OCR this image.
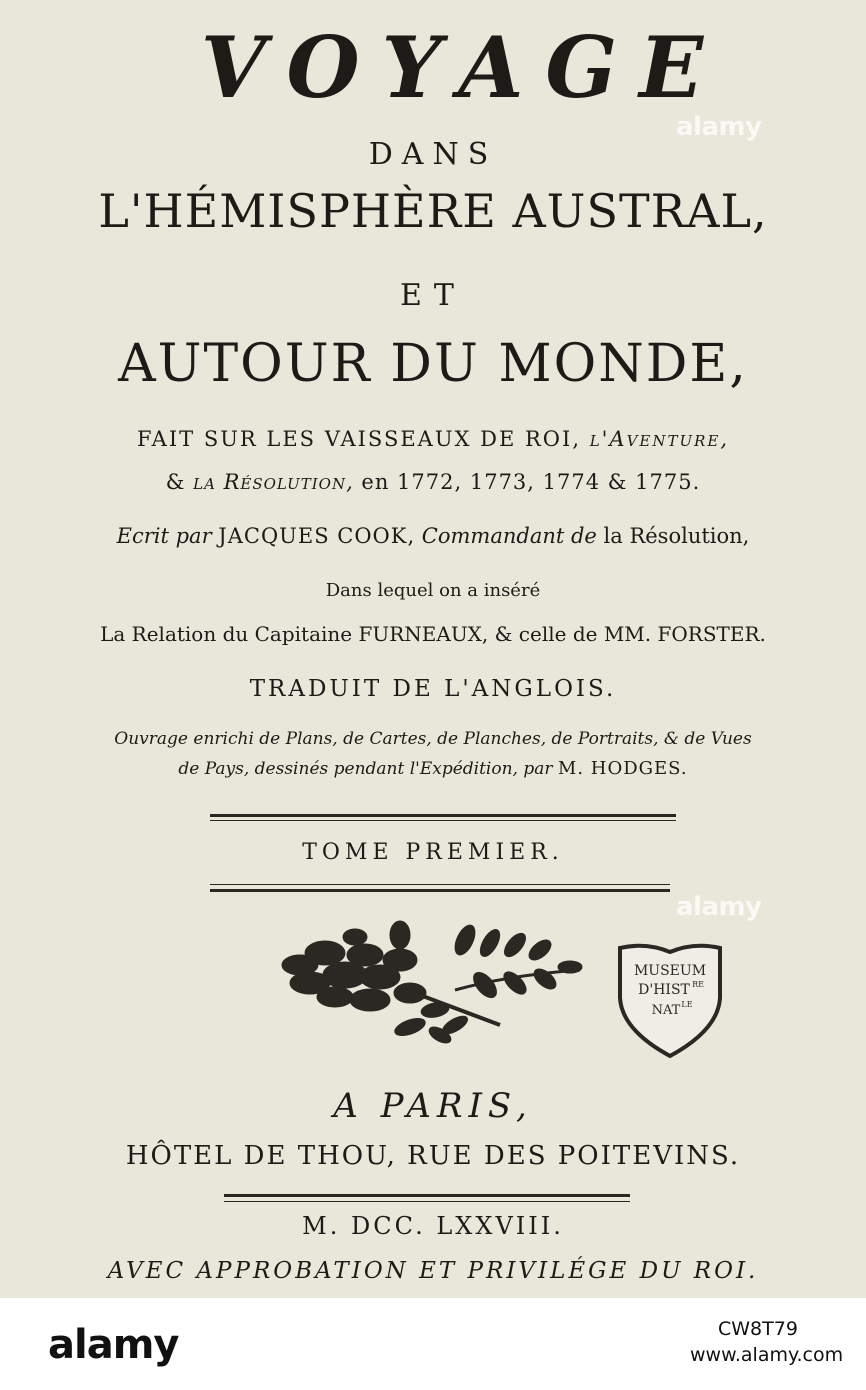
VOYAGE
DANS
L'HÉMISPHÈRE AUSTRAL,
ET
AUTOUR DU MONDE,
FAIT SUR LES VAISSEAUX DE ROI, l'Aventure,
& la Résolution, en 1772, 1773, 1774 & 1775.
Ecrit par JACQUES COOK, Commandant de la Résolution,
Dans lequel on a inséré
La Relation du Capitaine FURNEAUX, & celle de MM. FORSTER.
TRADUIT DE L'ANGLOIS.
Ouvrage enrichi de Plans, de Cartes, de Planches, de Portraits, & de Vues
de Pays, dessinés pendant l'Expédition, par M. HODGES.
TOME PREMIER.
MUSEUM
D'HIST RE
NAT LE
A PARIS,
HÔTEL DE THOU, RUE DES POITEVINS.
M. DCC. LXXVIII.
AVEC APPROBATION ET PRIVILÉGE DU ROI.
alamy
alamy
alamy	CW8T79
www.alamy.com
